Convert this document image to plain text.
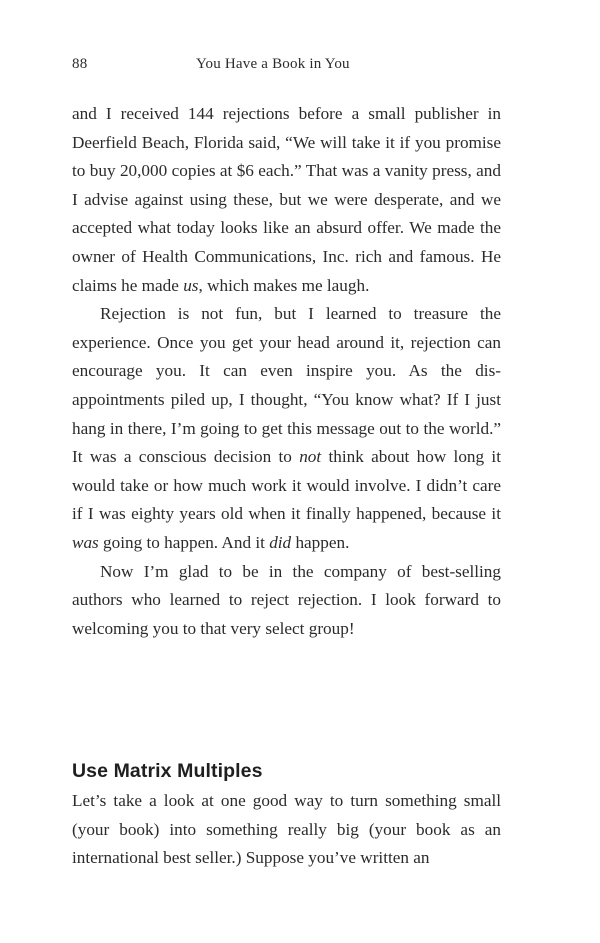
88	You Have a Book in You

and I received 144 rejections before a small publisher in Deerfield Beach, Florida said, “We will take it if you promise to buy 20,000 copies at $6 each.” That was a vanity press, and I advise against using these, but we were desperate, and we accepted what today looks like an absurd offer. We made the owner of Health Communications, Inc. rich and famous. He claims he made us, which makes me laugh.

Rejection is not fun, but I learned to treasure the experience. Once you get your head around it, rejection can encourage you. It can even inspire you. As the disappointments piled up, I thought, “You know what? If I just hang in there, I’m going to get this message out to the world.” It was a conscious decision to not think about how long it would take or how much work it would involve. I didn’t care if I was eighty years old when it finally happened, because it was going to happen. And it did happen.

Now I’m glad to be in the company of best-selling authors who learned to reject rejection. I look forward to welcoming you to that very select group!

Use Matrix Multiples

Let’s take a look at one good way to turn something small (your book) into something really big (your book as an international best seller.) Suppose you’ve written an
